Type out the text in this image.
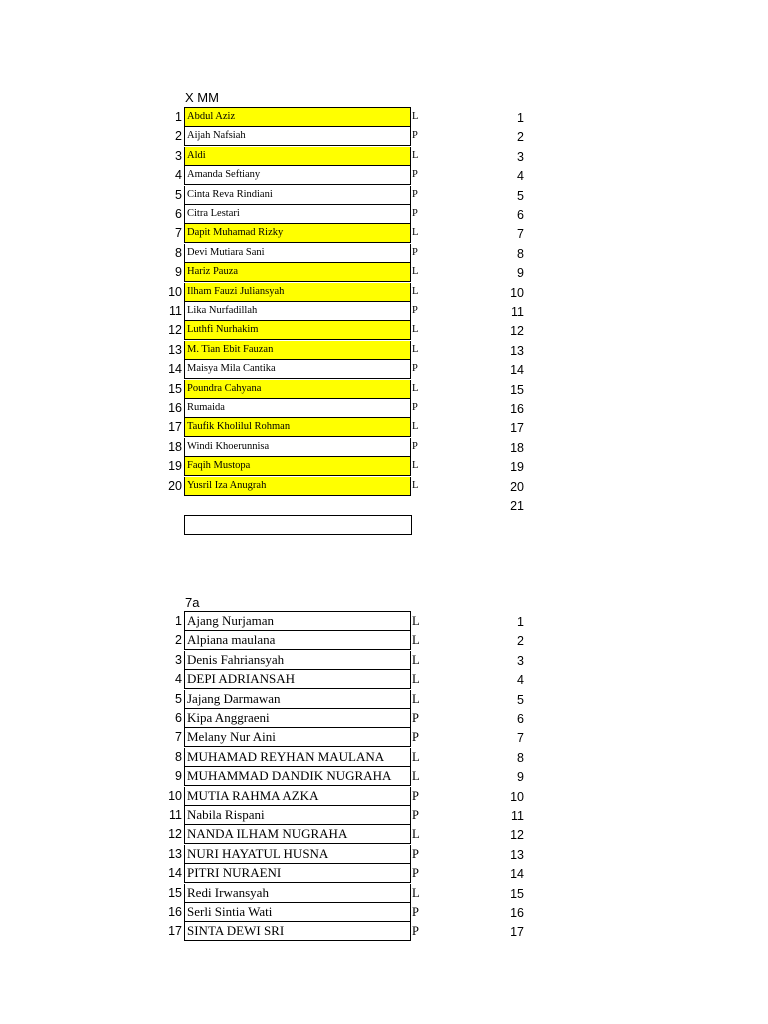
X MM
1 Abdul Aziz	L	1
2 Aijah Nafsiah	P	2
3 Aldi	L	3
4 Amanda Seftiany	P	4
5 Cinta Reva Rindiani	P	5
6 Citra Lestari	P	6
7 Dapit Muhamad Rizky	L	7
8 Devi Mutiara Sani	P	8
9 Hariz Pauza	L	9
10 Ilham Fauzi Juliansyah	L	10
11 Lika Nurfadillah	P	11
12 Luthfi Nurhakim	L	12
13 M. Tian Ebit Fauzan	L	13
14 Maisya Mila Cantika	P	14
15 Poundra Cahyana	L	15
16 Rumaida	P	16
17 Taufik Kholilul Rohman	L	17
18 Windi Khoerunnisa	P	18
19 Faqih Mustopa	L	19
20 Yusril Iza Anugrah	L	20
21
7a
1 Ajang Nurjaman	L	1
2 Alpiana maulana	L	2
3 Denis Fahriansyah	L	3
4 DEPI ADRIANSAH	L	4
5 Jajang Darmawan	L	5
6 Kipa Anggraeni	P	6
7 Melany Nur Aini	P	7
8 MUHAMAD REYHAN MAULANA	L	8
9 MUHAMMAD DANDIK NUGRAHA	L	9
10 MUTIA RAHMA AZKA	P	10
11 Nabila Rispani	P	11
12 NANDA ILHAM NUGRAHA	L	12
13 NURI HAYATUL HUSNA	P	13
14 PITRI NURAENI	P	14
15 Redi Irwansyah	L	15
16 Serli Sintia Wati	P	16
17 SINTA DEWI SRI	P	17
